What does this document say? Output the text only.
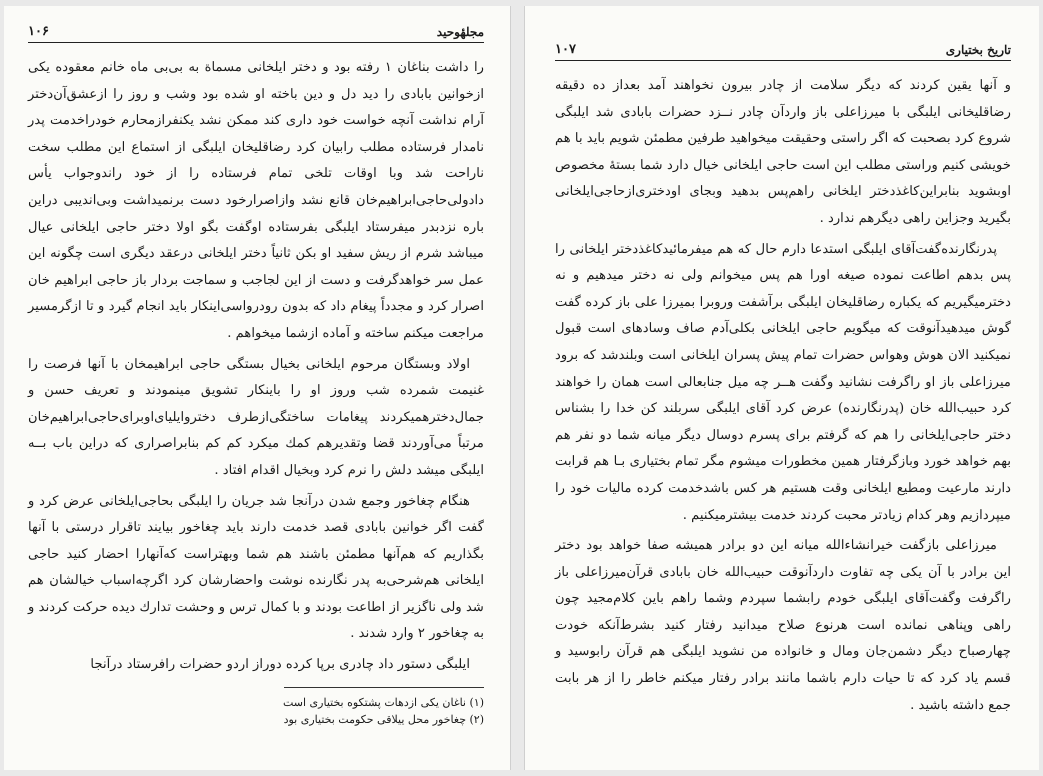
مجلهٔوحید
۱۰۶

را داشت بناغان ۱ رفته بود و دختر ایلخانی مسماة به بی‌بی ماه خانم معقوده یکی ازخوانین بابادی را دید دل و دین باخته او شده بود وشب و روز را ازعشق‌آن‌دختر آرام نداشت آنچه خواست خود داری کند ممکن نشد یکنفرازمحارم خودراخدمت پدر نامدار فرستاده مطلب رابیان کرد رضاقلیخان ایلبگی از استماع این مطلب سخت ناراحت شد وبا اوقات تلخی تمام فرستاده را از خود راندوجواب یأس داد‌ولی‌حاجی‌ابراهیم‌خان قانع نشد وازاصرارخود دست برنمیداشت وبی‌اندیبی دراین باره نزدبدر میفرستاد ایلبگی بفرستاده اوگفت بگو اولا دختر حاجی ایلخانی عیال میباشد شرم از ریش سفید او بکن ثانیاً دختر ایلخانی درعقد دیگری است چگونه این عمل سر خواهدگرفت و دست از این لجاجب و سماجت بردار باز حاجی ابراهیم خان اصرار کرد و مجدداً پیغام داد که بدون رودرواسی‌اینکار باید انجام گیرد و تا ازگرمسیر مراجعت میکنم ساخته و آماده ازشما میخواهم .

اولاد وبستگان مرحوم ایلخانی بخیال بستگی حاجی ابراهیمخان با آنها فرصت را غنیمت شمرده شب وروز او را باینکار تشویق مینمودند و تعریف حسن و جمال‌دخترهمیکردند پیغامات ساختگی‌ازطرف دختروایلیای‌اوبرای‌حاجی‌ابراهیم‌خان مرتباً می‌آوردند قضا وتقدیرهم کمك میکرد کم کم بنابراصراری که دراین باب بــه ایلبگی میشد دلش را نرم کرد وبخیال اقدام افتاد .

هنگام چغاخور وجمع شدن درآنجا شد جریان را ایلبگی بحاجی‌ایلخانی عرض کرد و گفت اگر خوانین بابادی قصد خدمت دارند باید چغاخور بیایند تاقرار درستی با آنها بگذاریم که هم‌آنها مطمئن باشند هم شما وبهتراست که‌آنهارا احضار کنید حاجی ایلخانی هم‌شرحی‌به پدر نگارنده نوشت واحضارشان کرد اگرچه‌اسباب خیالشان هم شد ولی ناگزیر از اطاعت بودند و با کمال ترس و وحشت تدارك دیده حرکت کردند و به چغاخور ۲ وارد شدند .

ایلبگی دستور داد چادری برپا کرده دوراز اردو حضرات رافرستاد درآنجا

(۱) ناغان یکی ازدهات پشتکوه بختیاری است
(۲) چغاخور محل ییلاقی حکومت بختیاری بود
تاریخ بختیاری
۱۰۷

و آنها یقین کردند که دیگر سلامت از چادر بیرون نخواهند آمد بعداز ده دقیقه رضاقلیخانی ایلبگی با میرزاعلی باز واردآن چادر نــزد حضرات بابادی شد ایلبگی شروع کرد بصحبت که اگر راستی وحقیقت میخواهید طرفین مطمئن شویم باید با هم خویشی کنیم وراستی مطلب این است حاجی ایلخانی خیال دارد شما بستهٔ مخصوص اوبشوید بنابراین‌کاغذدختر ایلخانی راهم‌پس بدهید وبجای اودختری‌ازحاجی‌ایلخانی بگیرید وجزاین راهی دیگرهم ندارد .

پدرنگارنده‌گفت‌آقای ایلبگی استدعا دارم حال که هم میفرمائید‌کاغذدختر ایلخانی را پس بدهم اطاعت نموده صیغه اورا هم پس میخوانم ولی نه دختر میدهیم و نه دخترمیگیریم که یکباره رضاقلیخان ایلبگی برآشفت وروبرا بمیرزا علی باز کرده گفت گوش میدهیدآنوقت که میگویم حاجی ایلخانی بکلی‌آدم صاف وسادهای است قبول نمیکنید الان هوش وهواس حضرات تمام پیش پسران ایلخانی است وبلندشد که برود میرزاعلی باز او راگرفت نشانید وگفت هــر چه میل جنابعالی است همان را خواهند کرد حبیب‌الله خان (پدرنگارنده) عرض کرد آقای ایلبگی سربلند کن خدا را بشناس دختر حاجی‌ایلخانی را هم که گرفتم برای پسرم دوسال دیگر میانه شما دو نفر هم بهم خواهد خورد وبازگرفتار همین مخطورات میشوم مگر تمام بختیاری بـا هم قرابت دارند مارعیت ومطیع ایلخانی وقت هستیم هر کس باشدخدمت کرده مالیات خود را میپردازیم وهر کدام زیادتر محبت کردند خدمت بیشترمیکنیم .

میرزاعلی بازگفت خیرانشاءالله میانه این دو برادر همیشه صفا خواهد بود دختر این برادر با آن یکی چه تفاوت داردآنوقت حبیب‌الله خان بابادی قرآن‌میرزا‌علی باز راگرفت وگفت‌آقای ایلبگی خودم رابشما سپردم وشما راهم باین کلام‌مجید چون راهی وپناهی نمانده است هرنوع صلاح میدانید رفتار کنید بشرط‌آنکه خودت چهارصباح دیگر دشمن‌جان ومال و خانواده من نشوید ایلبگی هم قرآن رابوسید و قسم یاد کرد که تا حیات دارم باشما مانند برادر رفتار میکنم خاطر را از هر بابت جمع داشته باشید .
